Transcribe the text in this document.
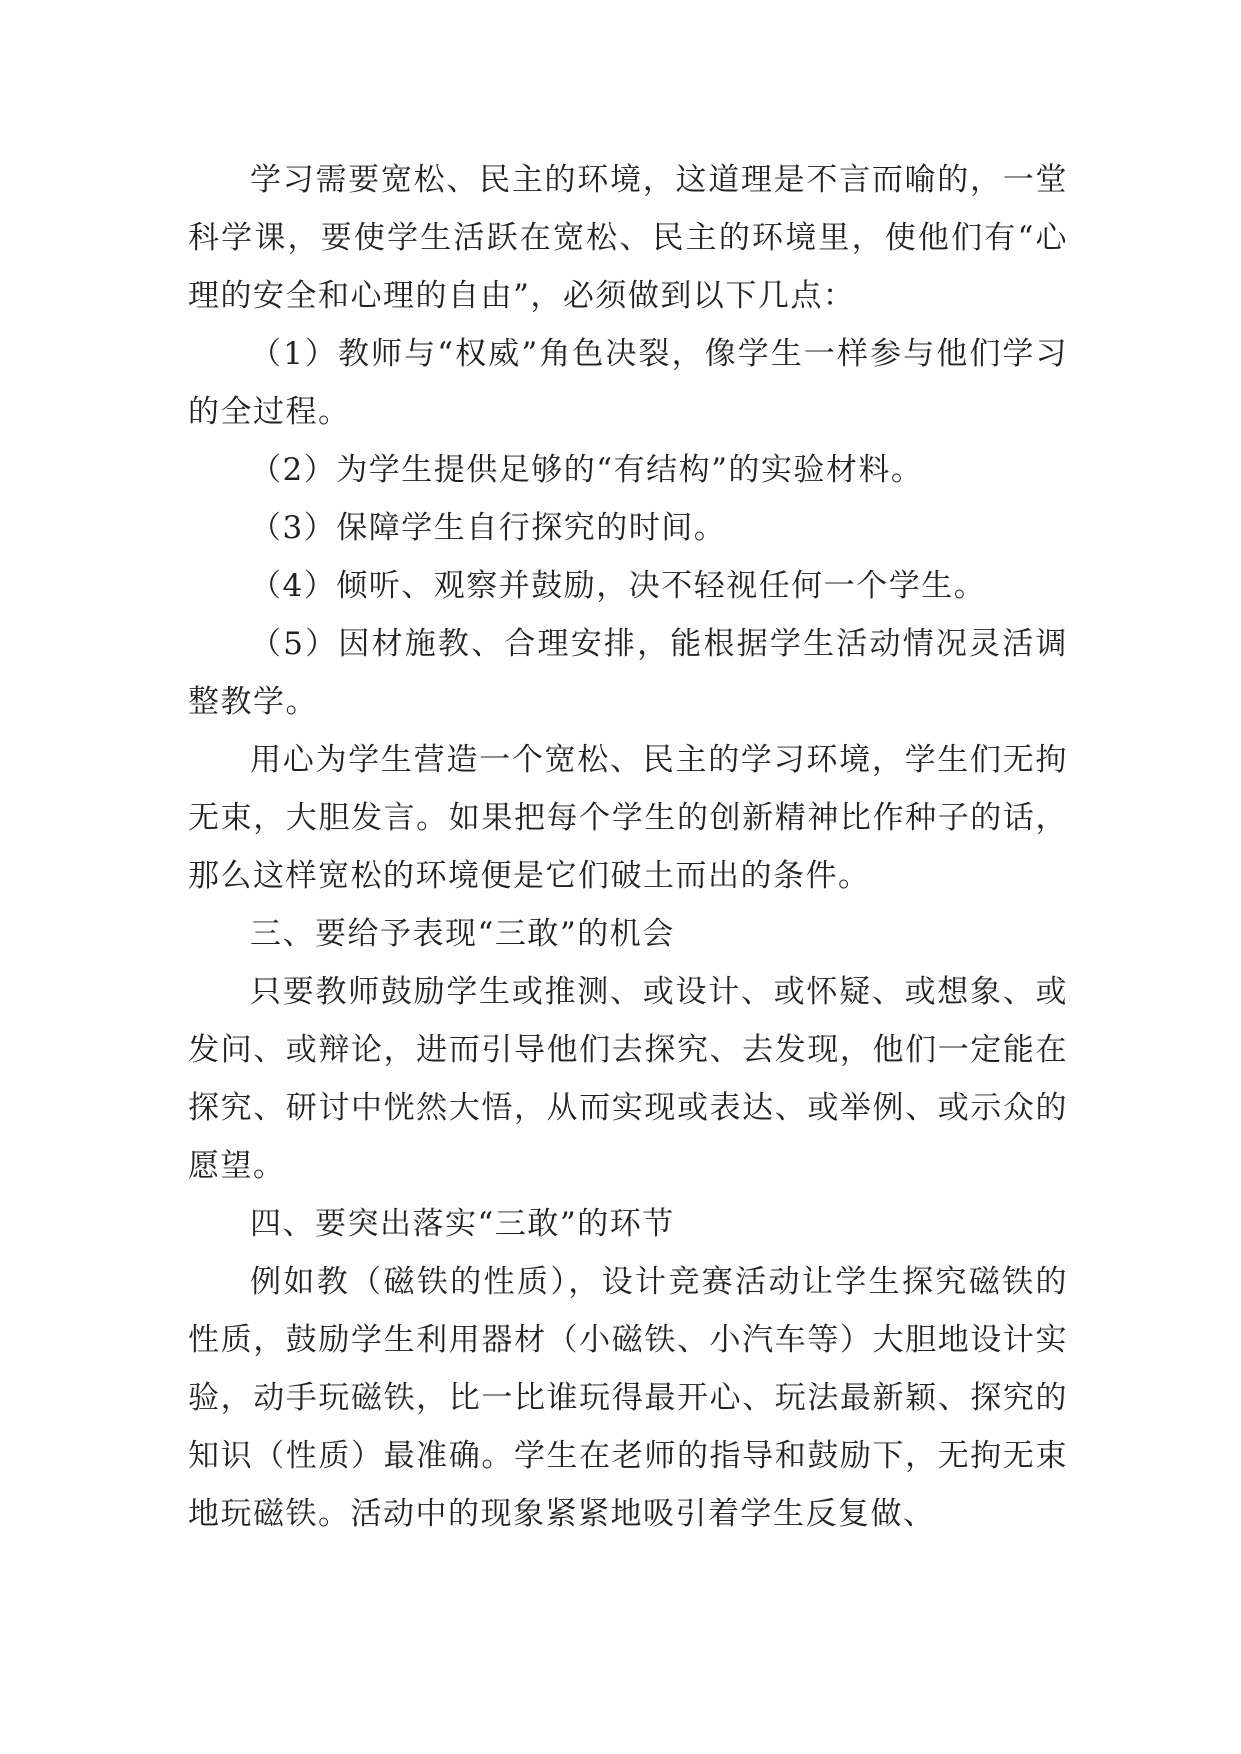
学习需要宽松、民主的环境，这道理是不言而喻的，一堂科学课，要使学生活跃在宽松、民主的环境里，使他们有“心理的安全和心理的自由”，必须做到以下几点：

（1）教师与“权威”角色决裂，像学生一样参与他们学习的全过程。

（2）为学生提供足够的“有结构”的实验材料。

（3）保障学生自行探究的时间。

（4）倾听、观察并鼓励，决不轻视任何一个学生。

（5）因材施教、合理安排，能根据学生活动情况灵活调整教学。

用心为学生营造一个宽松、民主的学习环境，学生们无拘无束，大胆发言。如果把每个学生的创新精神比作种子的话，那么这样宽松的环境便是它们破土而出的条件。

三、要给予表现“三敢”的机会

只要教师鼓励学生或推测、或设计、或怀疑、或想象、或发问、或辩论，进而引导他们去探究、去发现，他们一定能在探究、研讨中恍然大悟，从而实现或表达、或举例、或示众的愿望。

四、要突出落实“三敢”的环节

例如教（磁铁的性质），设计竞赛活动让学生探究磁铁的性质，鼓励学生利用器材（小磁铁、小汽车等）大胆地设计实验，动手玩磁铁，比一比谁玩得最开心、玩法最新颖、探究的知识（性质）最准确。学生在老师的指导和鼓励下，无拘无束地玩磁铁。活动中的现象紧紧地吸引着学生反复做、
